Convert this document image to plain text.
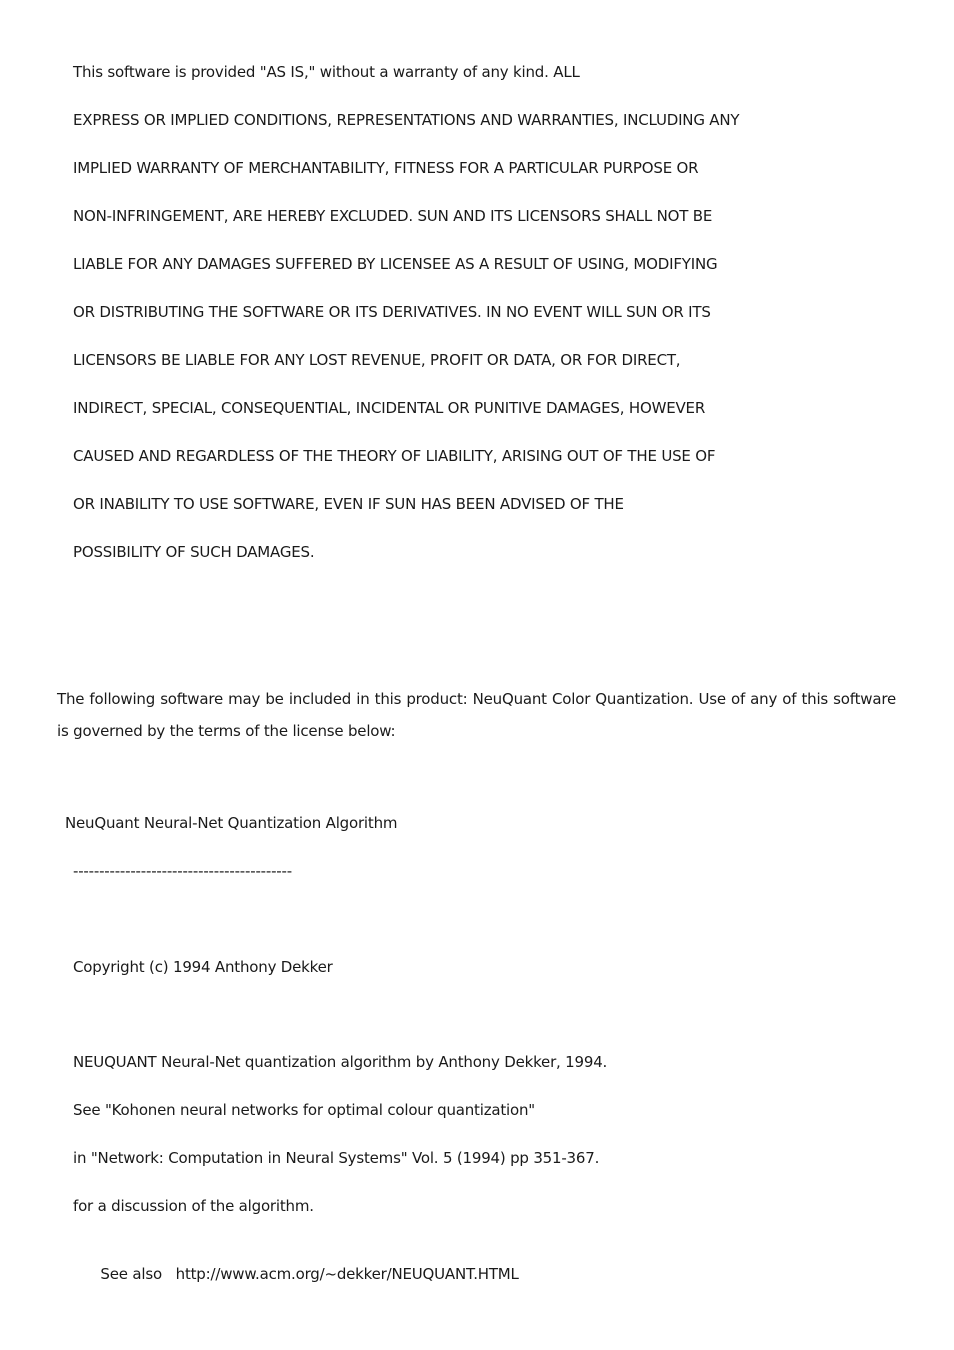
This software is provided "AS IS," without a warranty of any kind. ALL
EXPRESS OR IMPLIED CONDITIONS, REPRESENTATIONS AND WARRANTIES, INCLUDING ANY
IMPLIED WARRANTY OF MERCHANTABILITY, FITNESS FOR A PARTICULAR PURPOSE OR
NON-INFRINGEMENT, ARE HEREBY EXCLUDED. SUN AND ITS LICENSORS SHALL NOT BE
LIABLE FOR ANY DAMAGES SUFFERED BY LICENSEE AS A RESULT OF USING, MODIFYING
OR DISTRIBUTING THE SOFTWARE OR ITS DERIVATIVES. IN NO EVENT WILL SUN OR ITS
LICENSORS BE LIABLE FOR ANY LOST REVENUE, PROFIT OR DATA, OR FOR DIRECT,
INDIRECT, SPECIAL, CONSEQUENTIAL, INCIDENTAL OR PUNITIVE DAMAGES, HOWEVER
CAUSED AND REGARDLESS OF THE THEORY OF LIABILITY, ARISING OUT OF THE USE OF
OR INABILITY TO USE SOFTWARE, EVEN IF SUN HAS BEEN ADVISED OF THE
POSSIBILITY OF SUCH DAMAGES.
The following software may be included in this product: NeuQuant Color Quantization. Use of any of this software is governed by the terms of the license below:
NeuQuant Neural-Net Quantization Algorithm
------------------------------------------
Copyright (c) 1994 Anthony Dekker
NEUQUANT Neural-Net quantization algorithm by Anthony Dekker, 1994.
See "Kohonen neural networks for optimal colour quantization"
in "Network: Computation in Neural Systems" Vol. 5 (1994) pp 351-367.
for a discussion of the algorithm.

See also http://www.acm.org/~dekker/NEUQUANT.HTML
